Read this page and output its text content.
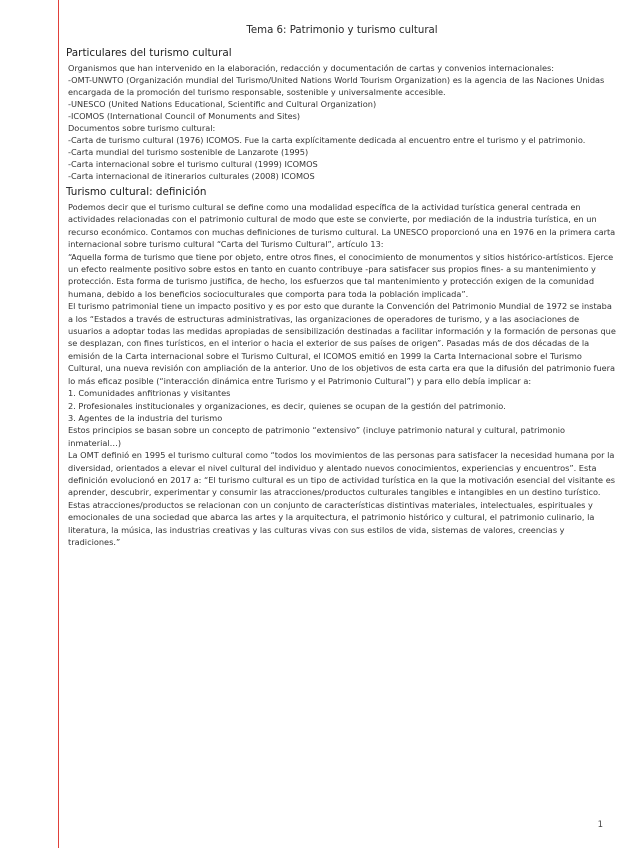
Tema 6: Patrimonio y turismo cultural
Particulares del turismo cultural

Organismos que han intervenido en la elaboración, redacción y documentación de cartas y convenios internacionales:

-OMT-UNWTO (Organización mundial del Turismo/United Nations World Tourism Organization) es la agencia de las Naciones Unidas encargada de la promoción del turismo responsable, sostenible y universalmente accesible.

-UNESCO (United Nations Educational, Scientific and Cultural Organization)

-ICOMOS (International Council of Monuments and Sites)

Documentos sobre turismo cultural:

-Carta de turismo cultural (1976) ICOMOS. Fue la carta explícitamente dedicada al encuentro entre el turismo y el patrimonio.

-Carta mundial del turismo sostenible de Lanzarote (1995)

-Carta internacional sobre el turismo cultural (1999) ICOMOS

-Carta internacional de itinerarios culturales (2008) ICOMOS

Turismo cultural: definición

Podemos decir que el turismo cultural se define como una modalidad específica de la actividad turística general centrada en actividades relacionadas con el patrimonio cultural de modo que este se convierte, por mediación de la industria turística, en un recurso económico. Contamos con muchas definiciones de turismo cultural. La UNESCO proporcionó una en 1976 en la primera carta internacional sobre turismo cultural “Carta del Turismo Cultural”, artículo 13:

“Aquella forma de turismo que tiene por objeto, entre otros fines, el conocimiento de monumentos y sitios histórico-artísticos. Ejerce un efecto realmente positivo sobre estos en tanto en cuanto contribuye -para satisfacer sus propios fines- a su mantenimiento y protección. Esta forma de turismo justifica, de hecho, los esfuerzos que tal mantenimiento y protección exigen de la comunidad humana, debido a los beneficios socioculturales que comporta para toda la población implicada”.

El turismo patrimonial tiene un impacto positivo y es por esto que durante la Convención del Patrimonio Mundial de 1972 se instaba a los “Estados a través de estructuras administrativas, las organizaciones de operadores de turismo, y a las asociaciones de usuarios a adoptar todas las medidas apropiadas de sensibilización destinadas a facilitar información y la formación de personas que se desplazan, con fines turísticos, en el interior o hacia el exterior de sus países de origen”. Pasadas más de dos décadas de la emisión de la Carta internacional sobre el Turismo Cultural, el ICOMOS emitió en 1999 la Carta Internacional sobre el Turismo Cultural, una nueva revisión con ampliación de la anterior. Uno de los objetivos de esta carta era que la difusión del patrimonio fuera lo más eficaz posible (“interacción dinámica entre Turismo y el Patrimonio Cultural”) y para ello debía implicar a:

1. Comunidades anfitrionas y visitantes

2. Profesionales institucionales y organizaciones, es decir, quienes se ocupan de la gestión del patrimonio.

3. Agentes de la industria del turismo

Estos principios se basan sobre un concepto de patrimonio “extensivo” (incluye patrimonio natural y cultural, patrimonio inmaterial…)

La OMT definió en 1995 el turismo cultural como “todos los movimientos de las personas para satisfacer la necesidad humana por la diversidad, orientados a elevar el nivel cultural del individuo y alentado nuevos conocimientos, experiencias y encuentros”. Esta definición evolucionó en 2017 a: “El turismo cultural es un tipo de actividad turística en la que la motivación esencial del visitante es aprender, descubrir, experimentar y consumir las atracciones/productos culturales tangibles e intangibles en un destino turístico. Estas atracciones/productos se relacionan con un conjunto de características distintivas materiales, intelectuales, espirituales y emocionales de una sociedad que abarca las artes y la arquitectura, el patrimonio histórico y cultural, el patrimonio culinario, la literatura, la música, las industrias creativas y las culturas vivas con sus estilos de vida, sistemas de valores, creencias y tradiciones.”

1
